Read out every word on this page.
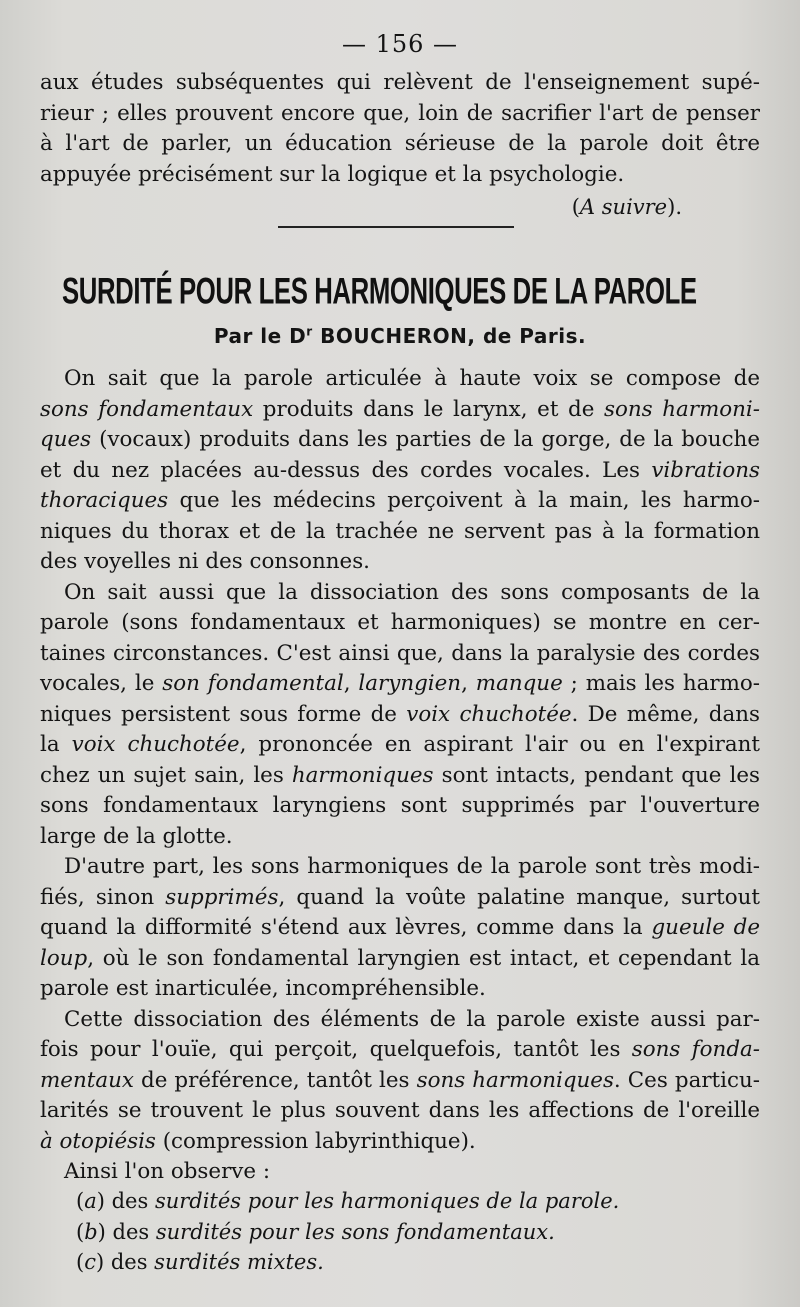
— 156 —
aux études subséquentes qui relèvent de l'enseignement supé-
rieur ; elles prouvent encore que, loin de sacrifier l'art de penser
à l'art de parler, un éducation sérieuse de la parole doit être
appuyée précisément sur la logique et la psychologie.
(A suivre).
SURDITÉ POUR LES HARMONIQUES DE LA PAROLE
Par le $D^r$ BOUCHERON, de Paris.
On sait que la parole articulée à haute voix se compose de
sons fondamentaux produits dans le larynx, et de sons harmoni-
ques (vocaux) produits dans les parties de la gorge, de la bouche
et du nez placées au-dessus des cordes vocales. Les vibrations
thoraciques que les médecins perçoivent à la main, les harmo-
niques du thorax et de la trachée ne servent pas à la formation
des voyelles ni des consonnes.
On sait aussi que la dissociation des sons composants de la
parole (sons fondamentaux et harmoniques) se montre en cer-
taines circonstances. C'est ainsi que, dans la paralysie des cordes
vocales, le son fondamental, laryngien, manque ; mais les harmo-
niques persistent sous forme de voix chuchotée. De même, dans
la voix chuchotée, prononcée en aspirant l'air ou en l'expirant
chez un sujet sain, les harmoniques sont intacts, pendant que les
sons fondamentaux laryngiens sont supprimés par l'ouverture
large de la glotte.
D'autre part, les sons harmoniques de la parole sont très modi-
fiés, sinon supprimés, quand la voûte palatine manque, surtout
quand la difformité s'étend aux lèvres, comme dans la gueule de
loup, où le son fondamental laryngien est intact, et cependant la
parole est inarticulée, incompréhensible.
Cette dissociation des éléments de la parole existe aussi par-
fois pour l'ouïe, qui perçoit, quelquefois, tantôt les sons fonda-
mentaux de préférence, tantôt les sons harmoniques. Ces particu-
larités se trouvent le plus souvent dans les affections de l'oreille
à otopiésis (compression labyrinthique).
Ainsi l'on observe :
(a) des surdités pour les harmoniques de la parole.
(b) des surdités pour les sons fondamentaux.
(c) des surdités mixtes.
